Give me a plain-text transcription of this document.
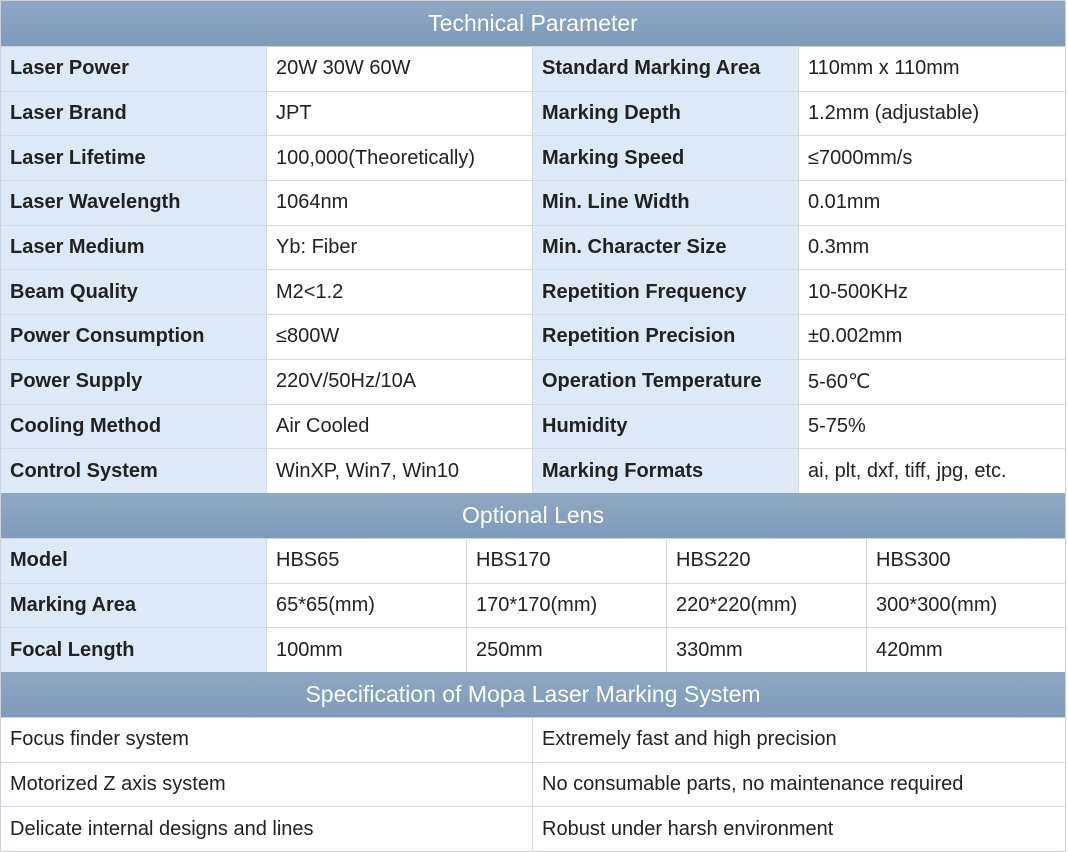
Technical Parameter
Laser Power	20W 30W 60W	Standard Marking Area	110mm x 110mm
Laser Brand	JPT	Marking Depth	1.2mm (adjustable)
Laser Lifetime	100,000(Theoretically)	Marking Speed	≤7000mm/s
Laser Wavelength	1064nm	Min. Line Width	0.01mm
Laser Medium	Yb: Fiber	Min. Character Size	0.3mm
Beam Quality	M2<1.2	Repetition Frequency	10-500KHz
Power Consumption	≤800W	Repetition Precision	±0.002mm
Power Supply	220V/50Hz/10A	Operation Temperature	5-60℃
Cooling Method	Air Cooled	Humidity	5-75%
Control System	WinXP, Win7, Win10	Marking Formats	ai, plt, dxf, tiff, jpg, etc.
Optional Lens
Model	HBS65	HBS170	HBS220	HBS300
Marking Area	65*65(mm)	170*170(mm)	220*220(mm)	300*300(mm)
Focal Length	100mm	250mm	330mm	420mm
Specification of Mopa Laser Marking System
Focus finder system	Extremely fast and high precision
Motorized Z axis system	No consumable parts, no maintenance required
Delicate internal designs and lines	Robust under harsh environment
